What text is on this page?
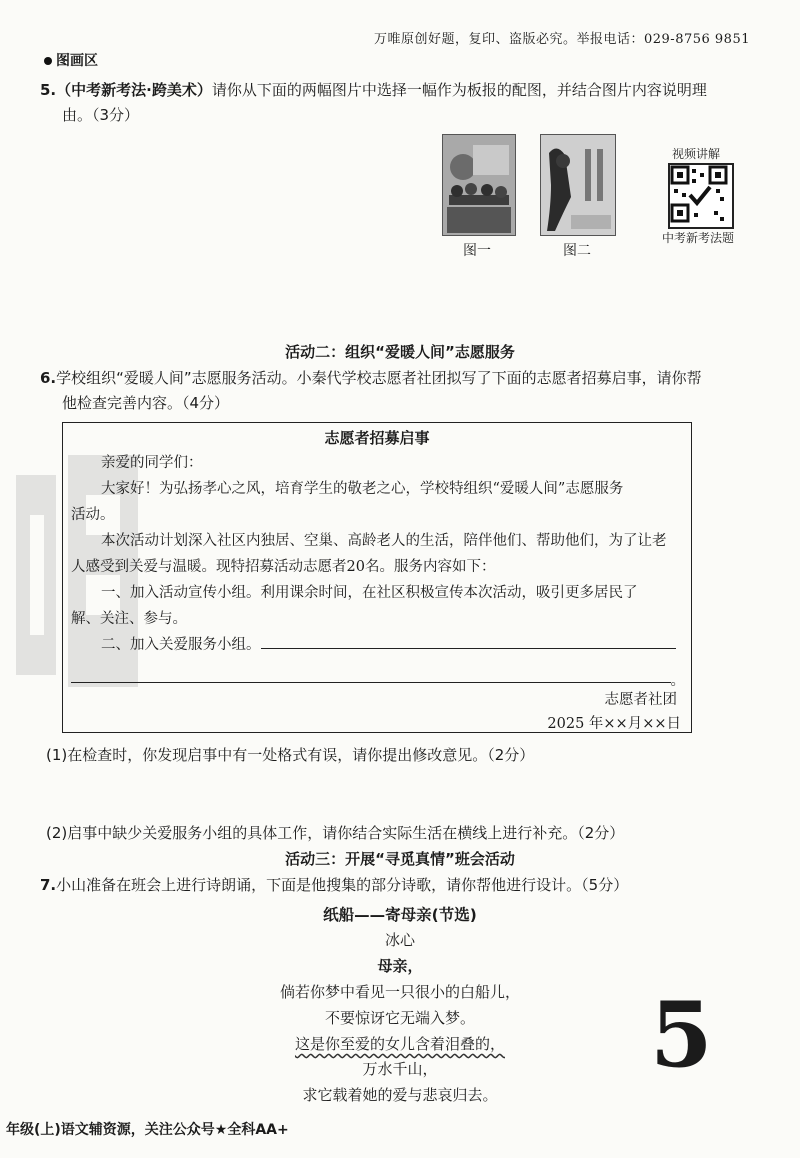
万唯原创好题，复印、盗版必究。举报电话：029-8756 9851
图画区
5.（中考新考法·跨美术）请你从下面的两幅图片中选择一幅作为板报的配图，并结合图片内容说明理
由。（3分）
图一	图二
视频讲解
中考新考法题
活动二：组织“爱暖人间”志愿服务
6.学校组织“爱暖人间”志愿服务活动。小秦代学校志愿者社团拟写了下面的志愿者招募启事，请你帮
他检查完善内容。（4分）
志愿者招募启事

亲爱的同学们：

大家好！为弘扬孝心之风，培育学生的敬老之心，学校特组织“爱暖人间”志愿服务

活动。

本次活动计划深入社区内独居、空巢、高龄老人的生活，陪伴他们、帮助他们，为了让老

人感受到关爱与温暖。现特招募活动志愿者20名。服务内容如下：

一、加入活动宣传小组。利用课余时间，在社区积极宣传本次活动，吸引更多居民了

解、关注、参与。

二、加入关爱服务小组。

。
志愿者社团
2025 年××月××日
(1)在检查时，你发现启事中有一处格式有误，请你提出修改意见。（2分）
(2)启事中缺少关爱服务小组的具体工作，请你结合实际生活在横线上进行补充。（2分）
活动三：开展“寻觅真情”班会活动
7.小山准备在班会上进行诗朗诵，下面是他搜集的部分诗歌，请你帮他进行设计。（5分）
纸船——寄母亲(节选)
冰心
母亲，
倘若你梦中看见一只很小的白船儿，
不要惊讶它无端入梦。
这是你至爱的女儿含着泪叠的，
万水千山，
求它载着她的爱与悲哀归去。
5
年级(上)语文辅资源，关注公众号★全科AA+
